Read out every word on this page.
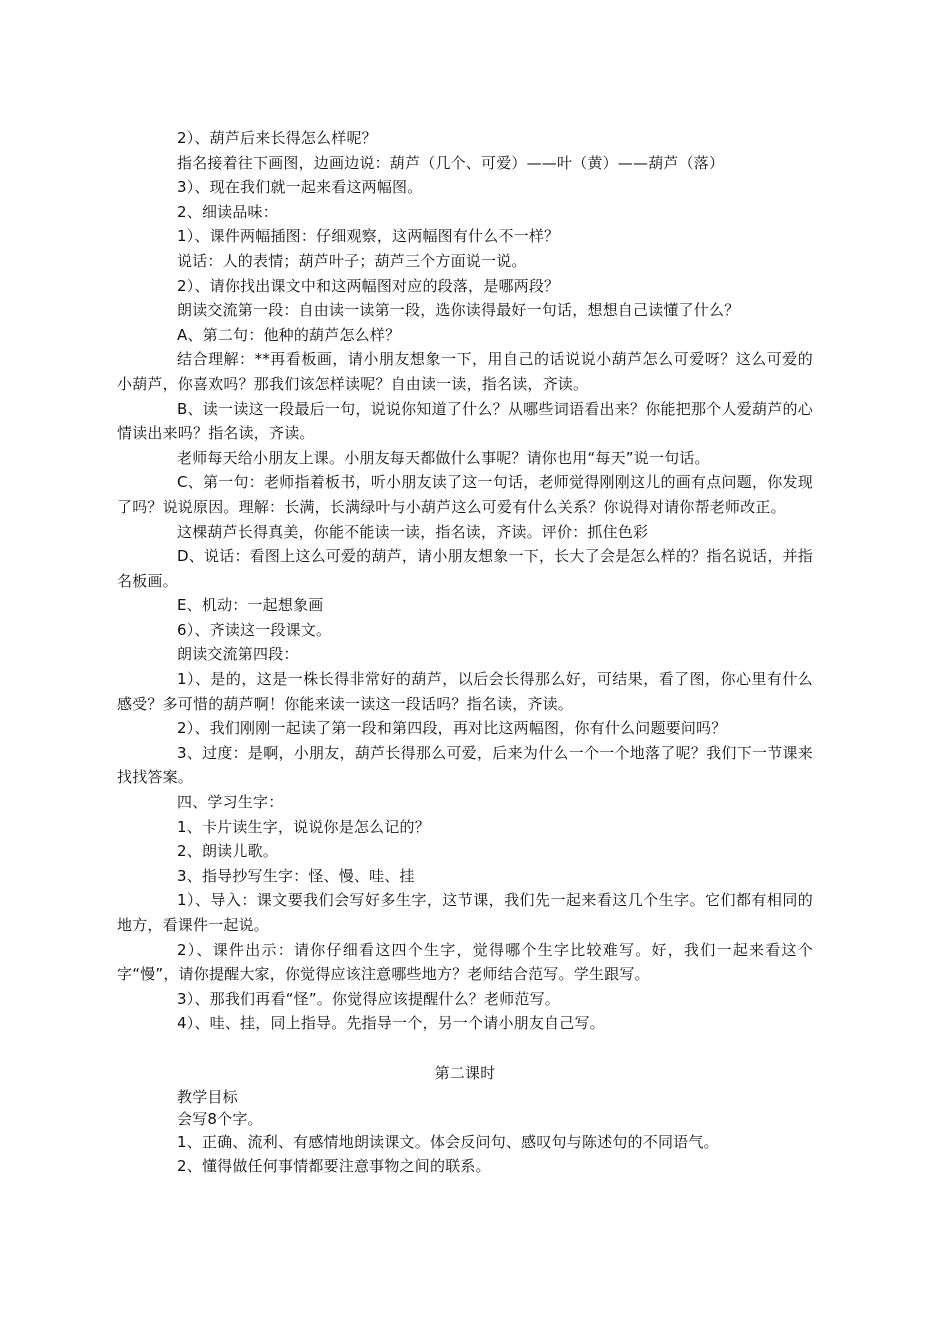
2）、葫芦后来长得怎么样呢？

指名接着往下画图，边画边说：葫芦（几个、可爱）——叶（黄）——葫芦（落）

3）、现在我们就一起来看这两幅图。

2、细读品味：

1）、课件两幅插图：仔细观察，这两幅图有什么不一样？

说话：人的表情；葫芦叶子；葫芦三个方面说一说。

2）、请你找出课文中和这两幅图对应的段落，是哪两段？

朗读交流第一段：自由读一读第一段，选你读得最好一句话，想想自己读懂了什么？

A、第二句：他种的葫芦怎么样？

结合理解：**再看板画，请小朋友想象一下，用自己的话说说小葫芦怎么可爱呀？这么可爱的小葫芦，你喜欢吗？那我们该怎样读呢？自由读一读，指名读，齐读。

B、读一读这一段最后一句，说说你知道了什么？从哪些词语看出来？你能把那个人爱葫芦的心情读出来吗？指名读，齐读。

老师每天给小朋友上课。小朋友每天都做什么事呢？请你也用“每天”说一句话。

C、第一句：老师指着板书，听小朋友读了这一句话，老师觉得刚刚这儿的画有点问题，你发现了吗？说说原因。理解：长满，长满绿叶与小葫芦这么可爱有什么关系？你说得对请你帮老师改正。

这棵葫芦长得真美，你能不能读一读，指名读，齐读。评价：抓住色彩

D、说话：看图上这么可爱的葫芦，请小朋友想象一下，长大了会是怎么样的？指名说话，并指名板画。

E、机动：一起想象画

6）、齐读这一段课文。

朗读交流第四段：

1）、是的，这是一株长得非常好的葫芦，以后会长得那么好，可结果，看了图，你心里有什么感受？多可惜的葫芦啊！你能来读一读这一段话吗？指名读，齐读。

2）、我们刚刚一起读了第一段和第四段，再对比这两幅图，你有什么问题要问吗？

3、过度：是啊，小朋友，葫芦长得那么可爱，后来为什么一个一个地落了呢？我们下一节课来找找答案。

四、学习生字：

1、卡片读生字，说说你是怎么记的？

2、朗读儿歌。

3、指导抄写生字：怪、慢、哇、挂

1）、导入：课文要我们会写好多生字，这节课，我们先一起来看这几个生字。它们都有相同的地方，看课件一起说。

2）、课件出示：请你仔细看这四个生字，觉得哪个生字比较难写。好，我们一起来看这个字“慢”，请你提醒大家，你觉得应该注意哪些地方？老师结合范写。学生跟写。

3）、那我们再看“怪”。你觉得应该提醒什么？老师范写。

4）、哇、挂，同上指导。先指导一个，另一个请小朋友自己写。

第二课时

教学目标

会写8个字。

1、正确、流利、有感情地朗读课文。体会反问句、感叹句与陈述句的不同语气。

2、懂得做任何事情都要注意事物之间的联系。
